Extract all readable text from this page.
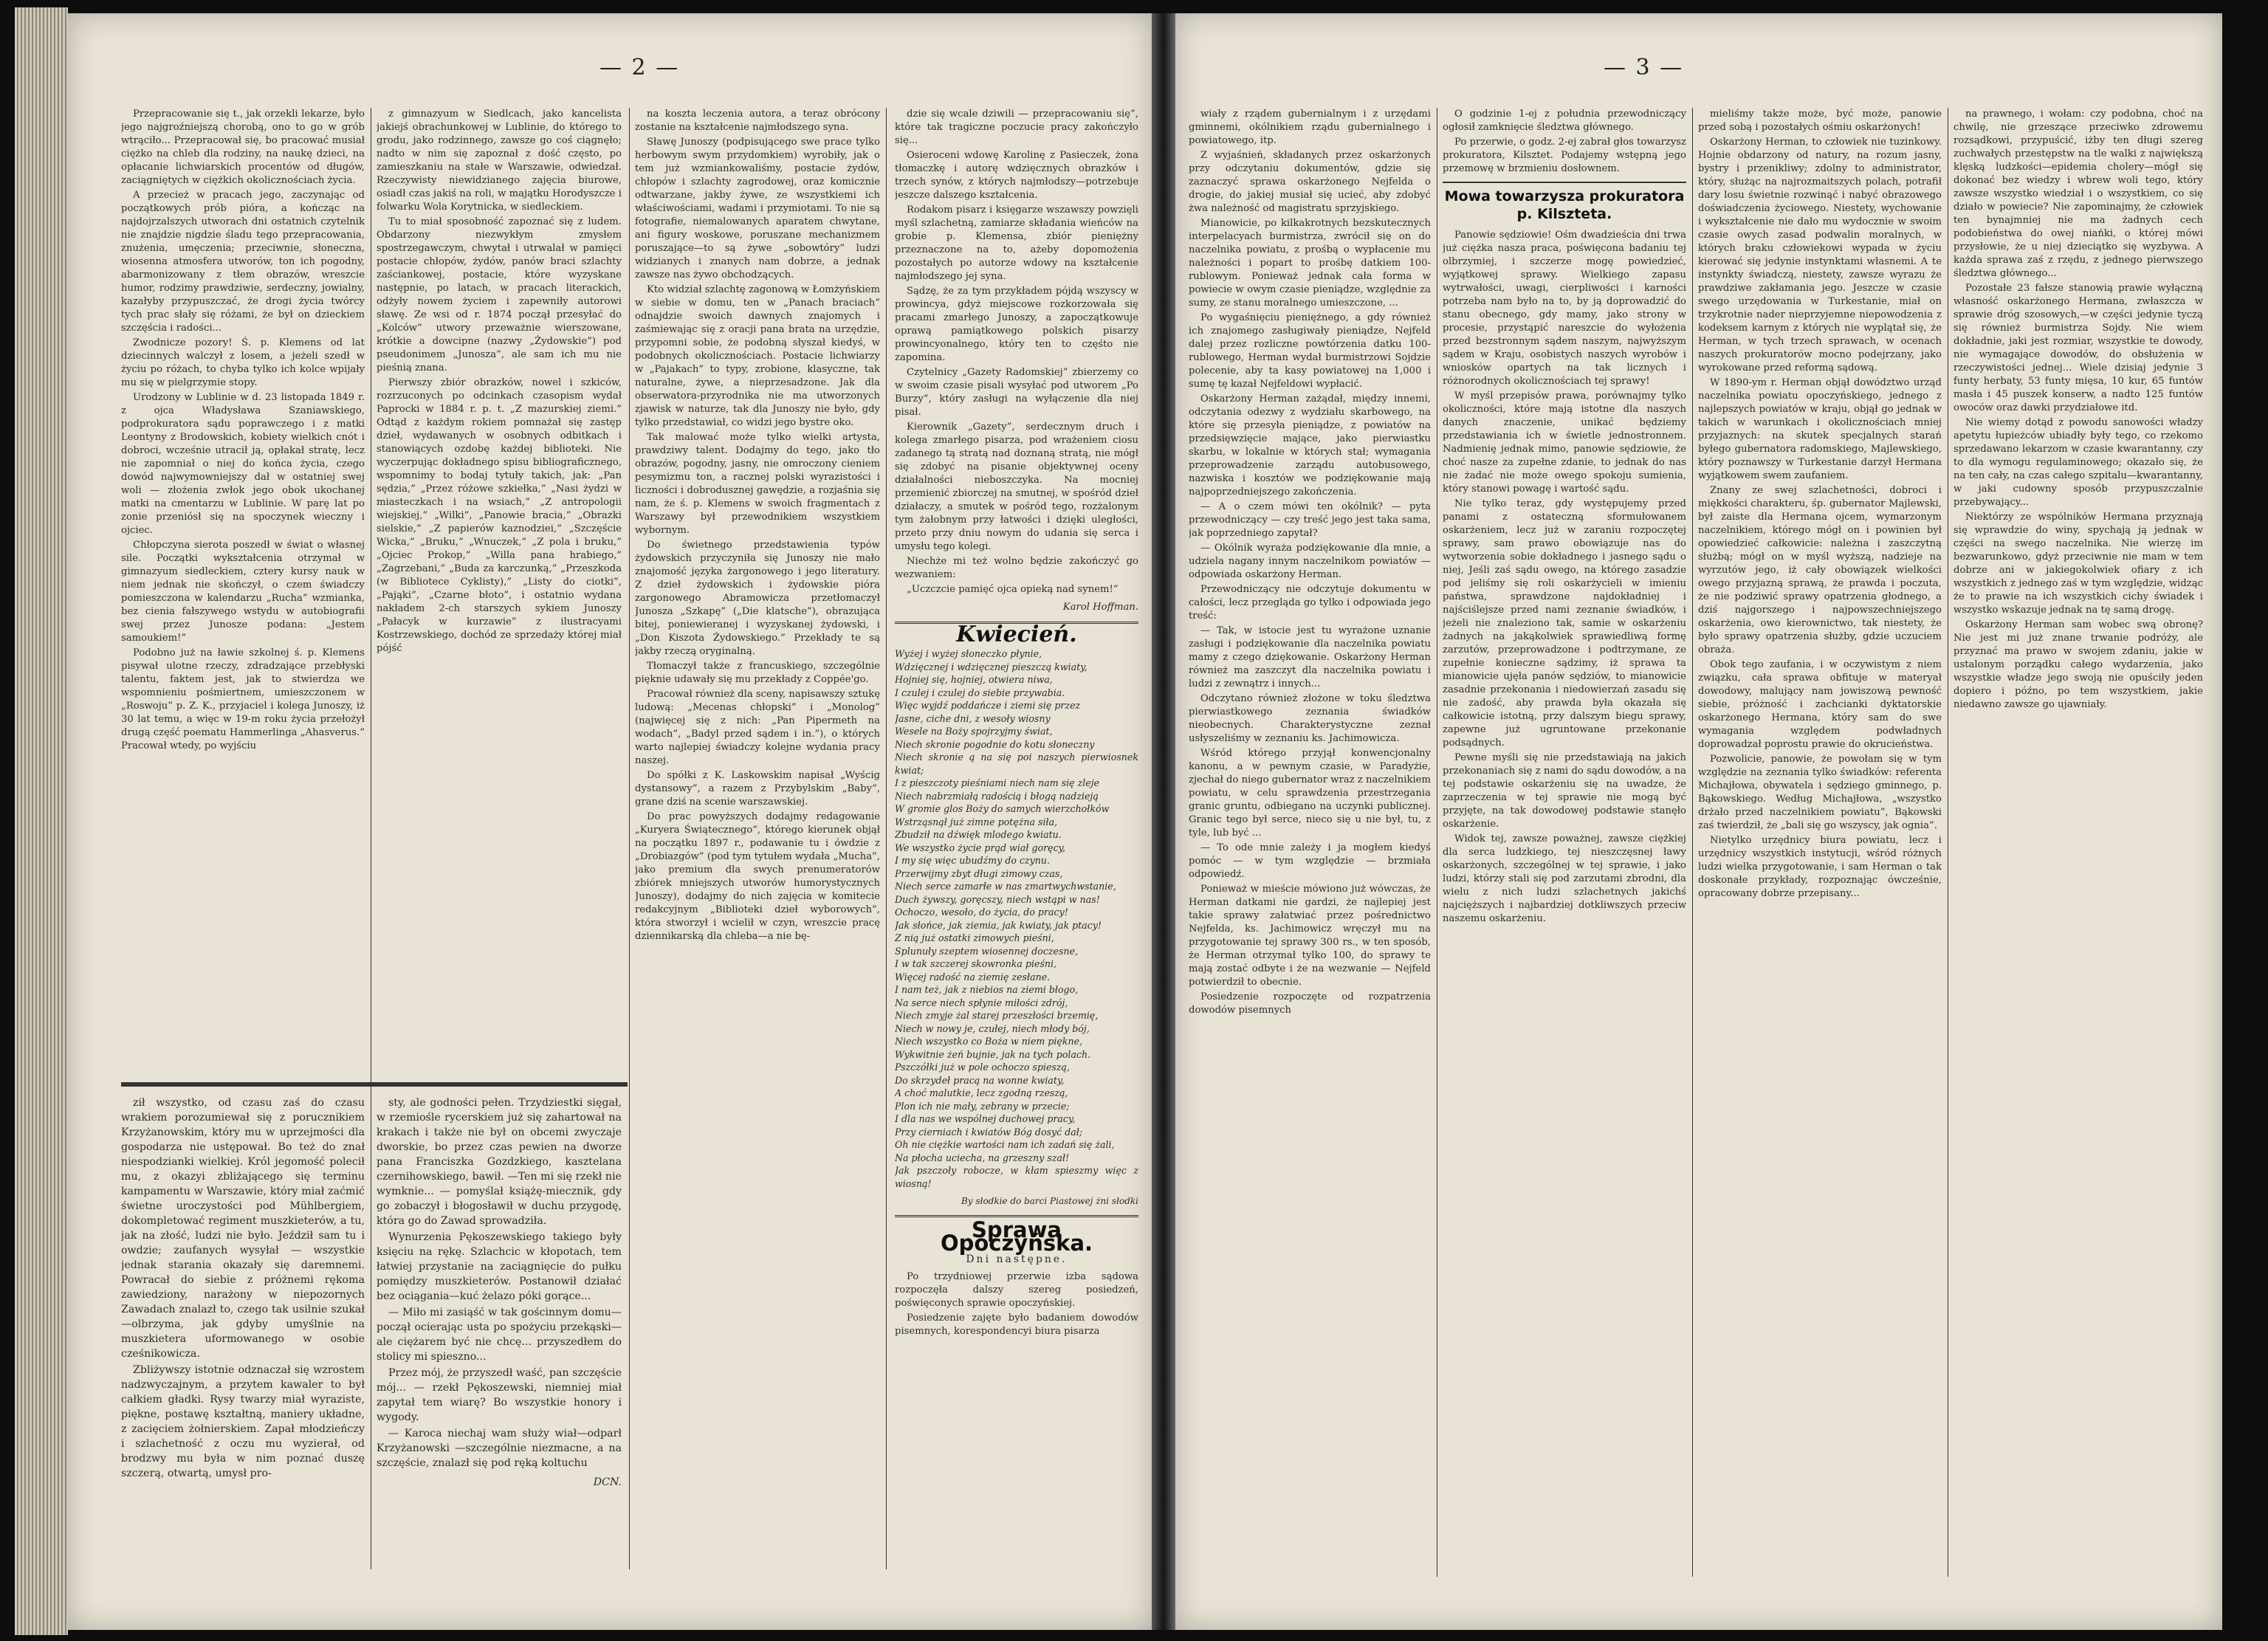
— 2 —

Przepracowanie się t., jak orzekli lekarze, było jego najgroźniejszą chorobą, ono to go w grób wtrąciło... Przepracował się, bo pracować musiał ciężko na chleb dla rodziny, na naukę dzieci, na opłacanie lichwiarskich procentów od długów, zaciągniętych w ciężkich okolicznościach życia.

A przecież w pracach jego, zaczynając od początkowych prób pióra, a kończąc na najdojrzalszych utworach dni ostatnich czytelnik nie znajdzie nigdzie śladu tego przepracowania, znużenia, umęczenia; przeciwnie, słoneczna, wiosenna atmosfera utworów, ton ich pogodny, abarmonizowany z tłem obrazów, wreszcie humor, rodzimy prawdziwie, serdeczny, jowialny, kazałyby przypuszczać, że drogi życia twórcy tych prac słały się różami, że był on dzieckiem szczęścia i radości...

Zwodnicze pozory! Ś. p. Klemens od lat dziecinnych walczył z losem, a jeżeli szedł w życiu po różach, to chyba tylko ich kolce wpijały mu się w pielgrzymie stopy.

Urodzony w Lublinie w d. 23 listopada 1849 r. z ojca Władysława Szaniawskiego, podprokuratora sądu poprawczego i z matki Leontyny z Brodowskich, kobiety wielkich cnót i dobroci, wcześnie utracił ją, opłakał stratę, lecz nie zapomniał o niej do końca życia, czego dowód najwymowniejszy dał w ostatniej swej woli — złożenia zwłok jego obok ukochanej matki na cmentarzu w Lublinie. W parę lat po zonie przeniósł się na spoczynek wieczny i ojciec.

Chłopczyna sierota poszedł w świat o własnej sile. Początki wykształcenia otrzymał w gimnazyum siedleckiem, cztery kursy nauk w niem jednak nie skończył, o czem świadczy pomieszczona w kalendarzu „Rucha” wzmianka, bez cienia fałszywego wstydu w autobiografii swej przez Junosze podana: „Jestem samoukiem!”

Podobno już na ławie szkolnej ś. p. Klemens pisywał ulotne rzeczy, zdradzające przebłyski talentu, faktem jest, jak to stwierdza we wspomnieniu pośmiertnem, umieszczonem w „Roswoju” p. Z. K., przyjaciel i kolega Junoszy, iż 30 lat temu, a więc w 19-m roku życia przełożył drugą część poematu Hammerlinga „Ahasverus.” Pracował wtedy, po wyjściu

z gimnazyum w Siedlcach, jako kancelista jakiejś obrachunkowej w Lublinie, do którego to grodu, jako rodzinnego, zawsze go coś ciągnęło; nadto w nim się zapoznał z dość często, po zamieszkaniu na stałe w Warszawie, odwiedzał. Rzeczywisty niewidzianego zajęcia biurowe, osiadł czas jakiś na roli, w majątku Horodyszcze i folwarku Wola Korytnicka, w siedleckiem.

Tu to miał sposobność zapoznać się z ludem. Obdarzony niezwykłym zmysłem spostrzegawczym, chwytał i utrwalał w pamięci postacie chłopów, żydów, panów braci szlachty zaściankowej, postacie, które wyzyskane następnie, po latach, w pracach literackich, odżyły nowem życiem i zapewniły autorowi sławę. Ze wsi od r. 1874 począł przesyłać do „Kolców” utwory przeważnie wierszowane, krótkie a dowcipne (nazwy „Żydowskie”) pod pseudonimem „Junosza”, ale sam ich mu nie pieśnią znana.

Pierwszy zbiór obrazków, nowel i szkiców, rozrzuconych po odcinkach czasopism wydał Paprocki w 1884 r. p. t. „Z mazurskiej ziemi.” Odtąd z każdym rokiem pomnażał się zastęp dzieł, wydawanych w osobnych odbitkach i stanowiących ozdobę każdej biblioteki. Nie wyczerpując dokładnego spisu bibliograficznego, wspomnimy to bodaj tytuły takich, jak: „Pan sędzia,” „Przez różowe szkiełka,” „Nasi żydzi w miasteczkach i na wsiach,” „Z antropologii wiejskiej,” „Wilki”, „Panowie bracia,” „Obrazki sielskie,” „Z papierów kaznodziei,” „Szczęście Wicka,” „Bruku,” „Wnuczek,” „Z pola i bruku,” „Ojciec Prokop,” „Willa pana hrabiego,” „Zagrzebani,” „Buda za karczunką,” „Przeszkoda (w Bibliotece Cyklisty),” „Listy do ciotki”, „Pająki”, „Czarne błoto”, i ostatnio wydana nakładem 2-ch starszych sykiem Junoszy „Pałacyk w kurzawie” z ilustracyami Kostrzewskiego, dochód ze sprzedaży której miał pójść

na koszta leczenia autora, a teraz obrócony zostanie na kształcenie najmłodszego syna.

Sławę Junoszy (podpisującego swe prace tylko herbowym swym przydomkiem) wyrobiły, jak o tem już wzmiankowaliśmy, postacie żydów, chłopów i szlachty zagrodowej, oraz komicznie odtwarzane, jakby żywe, ze wszystkiemi ich właściwościami, wadami i przymiotami. To nie są fotografie, niemalowanych aparatem chwytane, ani figury woskowe, poruszane mechanizmem poruszające—to są żywe „sobowtóry” ludzi widzianych i znanych nam dobrze, a jednak zawsze nas żywo obchodzących.

Kto widział szlachtę zagonową w Łomżyńskiem w siebie w domu, ten w „Panach braciach” odnajdzie swoich dawnych znajomych i zaśmiewając się z oracji pana brata na urzędzie, przypomni sobie, że podobną słyszał kiedyś, w podobnych okolicznościach. Postacie lichwiarzy w „Pajakach” to typy, zrobione, klasyczne, tak naturalne, żywe, a nieprzesadzone. Jak dla obserwatora-przyrodnika nie ma utworzonych zjawisk w naturze, tak dla Junoszy nie było, gdy tylko przedstawiał, co widzi jego bystre oko.

Tak malować może tylko wielki artysta, prawdziwy talent. Dodajmy do tego, jako tło obrazów, pogodny, jasny, nie omroczony cieniem pesymizmu ton, a racznej polski wyrazistości i liczności i dobrodusznej gawędzie, a rozjaśnia się nam, że ś. p. Klemens w swoich fragmentach z Warszawy był przewodnikiem wszystkiem wybornym.

Do świetnego przedstawienia typów żydowskich przyczyniła się Junoszy nie mało znajomość języka żargonowego i jego literatury. Z dzieł żydowskich i żydowskie pióra zargonowego Abramowicza przetłomaczył Junosza „Szkapę” („Die klatsche”), obrazująca bitej, poniewieranej i wyzyskanej żydowski, i „Don Kiszota Żydowskiego.” Przekłady te są jakby rzeczą oryginalną.

Tłomaczył także z francuskiego, szczególnie pięknie udawały się mu przekłady z Coppée'go.

Pracował również dla sceny, napisawszy sztukę ludową: „Mecenas chłopski” i „Monolog” (najwięcej się z nich: „Pan Pipermeth na wodach”, „Badyl przed sądem i in.”), o których warto najlepiej świadczy kolejne wydania pracy naszej.

Do spółki z K. Laskowskim napisał „Wyścig dystansowy”, a razem z Przybylskim „Baby”, grane dziś na scenie warszawskiej.

Do prac powyższych dodajmy redagowanie „Kuryera Świątecznego”, którego kierunek objął na początku 1897 r., podawanie tu i ówdzie z „Drobiazgów” (pod tym tytułem wydała „Mucha”, jako premium dla swych prenumeratorów zbiórek mniejszych utworów humorystycznych Junoszy), dodajmy do nich zajęcia w komitecie redakcyjnym „Biblioteki dzieł wyborowych”, która stworzył i wcielił w czyn, wreszcie pracę dziennikarską dla chleba—a nie bę-

ził wszystko, od czasu zaś do czasu wrakiem porozumiewał się z porucznikiem Krzyżanowskim, który mu w uprzejmości dla gospodarza nie ustępował. Bo też do znał niespodzianki wielkiej. Król jegomość polecił mu, z okazyi zbliżającego się terminu kampamentu w Warszawie, który miał zaćmić świetne uroczystości pod Mühlbergiem, dokompletować regiment muszkieterów, a tu, jak na złość, ludzi nie było. Jeździł sam tu i owdzie; zaufanych wysyłał — wszystkie jednak starania okazały się daremnemi. Powracał do siebie z próżnemi rękoma zawiedziony, narażony w niepozornych Zawadach znalazł to, czego tak usilnie szukał—olbrzyma, jak gdyby umyślnie na muszkietera uformowanego w osobie cześnikowicza.

Zbliżywszy istotnie odznaczał się wzrostem nadzwyczajnym, a przytem kawaler to był całkiem gładki. Rysy twarzy miał wyraziste, piękne, postawę kształtną, maniery układne, z zacięciem żołnierskiem. Zapał młodzieńczy i szlachetność z oczu mu wyzierał, od brodzwy mu była w nim poznać duszę szczerą, otwartą, umysł pro-

sty, ale godności pełen. Trzydziestki sięgał, w rzemiośle rycerskiem już się zahartował na krakach i także nie był on obcemi zwyczaje dworskie, bo przez czas pewien na dworze pana Franciszka Gozdzkiego, kasztelana czernihowskiego, bawił. —Ten mi się rzekł nie wymknie... — pomyślał książę-miecznik, gdy go zobaczył i błogosławił w duchu przygodę, która go do Zawad sprowadziła.

Wynurzenia Pękoszewskiego takiego były księciu na rękę. Szlachcic w kłopotach, tem łatwiej przystanie na zaciągnięcie do pułku pomiędzy muszkieterów. Postanowił działać bez ociągania—kuć żelazo póki gorące...

— Miło mi zasiąść w tak gościnnym domu—począł ocierając usta po spożyciu przekąski—ale ciężarem być nie chcę... przyszedłem do stolicy mi spieszno...

Przez mój, że przyszedł waść, pan szczęście mój... — rzekł Pękoszewski, niemniej miał zapytał tem wiarę? Bo wszystkie honory i wygody.

— Karoca niechaj wam służy wiał—odparł Krzyżanowski —szczególnie niezmacne, a na szczęście, znalazł się pod ręką koltuchu

DCN.

dzie się wcale dziwili — przepracowaniu się”, które tak tragiczne poczucie pracy zakończyło się...

Osieroceni wdowę Karolinę z Pasieczek, żona tłomaczkę i autorę wdzięcznych obrazków i trzech synów, z których najmłodszy—potrzebuje jeszcze dalszego kształcenia.

Rodakom pisarz i księgarze wszawszy powzięli myśl szlachetną, zamiarze składania wieńców na grobie p. Klemensa, zbiór pieniężny przeznaczone na to, ażeby dopomożenia pozostałych po autorze wdowy na kształcenie najmłodszego jej syna.

Sądzę, że za tym przykładem pójdą wszyscy w prowincya, gdyż miejscowe rozkorzowała się pracami zmarłego Junoszy, a zapoczątkowuje oprawą pamiątkowego polskich pisarzy prowincyonalnego, który ten to częśto nie zapomina.

Czytelnicy „Gazety Radomskiej” zbierzemy co w swoim czasie pisali wysyłać pod utworem „Po Burzy”, który zasługi na wyłączenie dla niej pisał.

Kierownik „Gazety”, serdecznym druch i kolega zmarłego pisarza, pod wrażeniem ciosu zadanego tą stratą nad doznaną stratą, nie mógł się zdobyć na pisanie objektywnej oceny działalności nieboszczyka. Na mocniej przemienić zbiorczej na smutnej, w spośród dzieł działaczy, a smutek w pośród tego, rozżalonym tym żałobnym przy łatwości i dzięki uległości, przeto przy dniu nowym do udania się serca i umysłu tego kolegi.

Niechże mi też wolno będzie zakończyć go wezwaniem:

„Uczczcie pamięć ojca opieką nad synem!”

Karol Hoffman.
Kwiecień.
Wyżej i wyżej słoneczko płynie,
Wdzięcznej i wdzięcznej pieszczą kwiaty,
Hojniej się, hojniej, otwiera niwa,
I czulej i czulej do siebie przywabia.
Więc wyjdź poddańcze i ziemi się przez
Jasne, ciche dni, z wesoły wiosny
Wesele na Boży spojrzyjmy świat,
Niech skronie pogodnie do kotu słoneczny
Niech skronie ą na się poi naszych pierwiosnek kwiat;
I z pieszczoty pieśniami niech nam się zleje
Niech nabrzmiałą radością i błogą nadzieją
W gromie glos Boży do samych wierzchołków
Wstrząsnął już zimne potężna siła,
Zbudził na dźwięk mlodego kwiatu.
We wszystko życie prąd wiał goręcy,
I my się więc ubudźmy do czynu.
Przerwijmy zbyt długi zimowy czas,
Niech serce zamarłe w nas zmartwychwstanie,
Duch żywszy, goręcszy, niech wstąpi w nas!
Ochoczo, wesoło, do życia, do pracy!
Jak słońce, jak ziemia, jak kwiaty, jak ptacy!
Z nią już ostatki zimowych pieśni,
Splunuły szeptem wiosennej doczesne,
I w tak szczerej skowronka pieśni,
Więcej radość na ziemię zesłane.
I nam też, jak z niebios na ziemi błogo,
Na serce niech spłynie miłości zdrój,
Niech zmyje żal starej przeszłości brzemię,
Niech w nowy je, czułej, niech młody bój,
Niech wszystko co Boża w niem piękne,
Wykwitnie żeń bujnie, jak na tych polach.
Pszczółki już w pole ochoczo spieszą,
Do skrzydeł pracą na wonne kwiaty,
A choć malutkie, lecz zgodną rzeszą,
Plon ich nie mały, zebrany w przecie;
I dla nas we wspólnej duchowej pracy,
Przy cierniach i kwiatów Bóg dosyć dał;
Oh nie ciężkie wartości nam ich zadań się żali,
Na płocha uciecha, na grzeszny szał!
Jak pszczoły robocze, w kłam spieszmy więc z wiosną!
By słodkie do barci Piastowej żni słodki
Sprawa Opoczyńska.
Dni następne.

Po trzydniowej przerwie izba sądowa rozpoczęła dalszy szereg posiedzeń, poświęconych sprawie opoczyńskiej.

Posiedzenie zajęte było badaniem dowodów pisemnych, korespondencyi biura pisarza

— 3 —

wiały z rządem gubernialnym i z urzędami gminnemi, okólnikiem rządu gubernialnego i powiatowego, itp.

Z wyjaśnień, składanych przez oskarżonych przy odczytaniu dokumentów, gdzie się zaznaczyć sprawa oskarżonego Nejfelda o drogie, do jakiej musiał się ucieć, aby zdobyć żwa należność od magistratu sprzyjskiego.

Mianowicie, po kilkakrotnych bezskutecznych interpelacyach burmistrza, zwrócił się on do naczelnika powiatu, z prośbą o wypłacenie mu należności i popart to prośbę datkiem 100-rublowym. Ponieważ jednak cała forma w powiecie w owym czasie pieniądze, względnie za sumy, ze stanu moralnego umieszczone, ...

Po wygaśnięciu pieniężnego, a gdy również ich znajomego zasługiwały pieniądze, Nejfeld dalej przez rozliczne powtórzenia datku 100-rublowego, Herman wydał burmistrzowi Sojdzie polecenie, aby ta kasy powiatowej na 1,000 i sumę tę kazał Nejfeldowi wypłacić.

Oskarżony Herman zażądał, między innemi, odczytania odezwy z wydziału skarbowego, na które się przesyła pieniądze, z powiatów na przedsięwzięcie mające, jako pierwiastku skarbu, w lokalnie w których stał; wymagania przeprowadzenie zarządu autobusowego, nazwiska i kosztów we podziękowanie mają najpoprzedniejszego zakończenia.

— A o czem mówi ten okólnik? — pyta przewodniczący — czy treść jego jest taka sama, jak poprzedniego zapytał?

— Okólnik wyraża podziękowanie dla mnie, a udziela nagany innym naczelnikom powiatów — odpowiada oskarżony Herman.

Przewodniczący nie odczytuje dokumentu w całości, lecz przegląda go tylko i odpowiada jego treść:

— Tak, w istocie jest tu wyrażone uznanie zasługi i podziękowanie dla naczelnika powiatu mamy z czego dziękowanie. Oskarżony Herman również ma zaszczyt dla naczelnika powiatu i ludzi z zewnątrz i innych...

Odczytano również złożone w toku śledztwa pierwiastkowego zeznania świadków nieobecnych. Charakterystyczne zeznał usłyszeliśmy w zeznaniu ks. Jachimowicza.

Wśród którego przyjął konwencjonalny kanonu, a w pewnym czasie, w Paradyżie, zjechał do niego gubernator wraz z naczelnikiem powiatu, w celu sprawdzenia przestrzegania granic gruntu, odbiegano na uczynki publicznej. Granic tego był serce, nieco się u nie był, tu, z tyle, lub być ...

— To ode mnie zależy i ja mogłem kiedyś pomóc — w tym względzie — brzmiała odpowiedź.

Ponieważ w mieście mówiono już wówczas, że Herman datkami nie gardzi, że najlepiej jest takie sprawy załatwiać przez pośrednictwo Nejfelda, ks. Jachimowicz wręczył mu na przygotowanie tej sprawy 300 rs., w ten sposób, że Herman otrzymał tylko 100, do sprawy te mają zostać odbyte i że na wezwanie — Nejfeld potwierdził to obecnie.

Posiedzenie rozpoczęte od rozpatrzenia dowodów pisemnych

O godzinie 1-ej z południa przewodniczący ogłosił zamknięcie śledztwa głównego.

Po przerwie, o godz. 2-ej zabrał głos towarzysz prokuratora, Kilsztet. Podajemy wstępną jego przemowę w brzmieniu dosłownem.

Mowa towarzysza prokuratora p. Kilszteta.

Panowie sędziowie! Ośm dwadzieścia dni trwa już ciężka nasza praca, poświęcona badaniu tej olbrzymiej, i szczerze mogę powiedzieć, wyjątkowej sprawy. Wielkiego zapasu wytrwałości, uwagi, cierpliwości i karności potrzeba nam było na to, by ją doprowadzić do stanu obecnego, gdy mamy, jako strony w procesie, przystąpić nareszcie do wyłożenia przed bezstronnym sądem naszym, najwyższym sądem w Kraju, osobistych naszych wyrobów i wniosków opartych na tak licznych i różnorodnych okolicznościach tej sprawy!

W myśl przepisów prawa, porównajmy tylko okoliczności, które mają istotne dla naszych danych znaczenie, unikać będziemy przedstawiania ich w świetle jednostronnem. Nadmienię jednak mimo, panowie sędziowie, że choć nasze za zupełne zdanie, to jednak do nas nie żadać nie może owego spokoju sumienia, który stanowi powagę i wartość sądu.

Nie tylko teraz, gdy występujemy przed panami z ostateczną sformułowanem oskarżeniem, lecz już w zaraniu rozpoczętej sprawy, sam prawo obowiązuje nas do wytworzenia sobie dokładnego i jasnego sądu o niej, Jeśli zaś sądu owego, na którego zasadzie pod jeliśmy się roli oskarżycieli w imieniu państwa, sprawdzone najdokładniej i najściślejsze przed nami zeznanie świadków, i jeżeli nie znaleziono tak, samie w oskarżeniu żadnych na jakąkolwiek sprawiedliwą formę zarzutów, przeprowadzone i podtrzymane, ze zupełnie konieczne sądzimy, iż sprawa ta mianowicie ujęła panów sędziów, to mianowicie zasadnie przekonania i niedowierzań zasadu się nie zadość, aby prawda była okazała się całkowicie istotną, przy dalszym biegu sprawy, zapewne już ugruntowane przekonanie podsądnych.

Pewne myśli się nie przedstawiają na jakich przekonaniach się z nami do sądu dowodów, a na tej podstawie oskarżeniu się na uwadze, że zaprzeczenia w tej sprawie nie mogą być przyjęte, na tak dowodowej podstawie stanęło oskarżenie.

Widok tej, zawsze poważnej, zawsze ciężkiej dla serca ludzkiego, tej nieszczęsnej ławy oskarżonych, szczególnej w tej sprawie, i jako ludzi, którzy stali się pod zarzutami zbrodni, dla wielu z nich ludzi szlachetnych jakichś najcięższych i najbardziej dotkliwszych przeciw naszemu oskarżeniu.

mieliśmy także może, być może, panowie przed sobą i pozostałych ośmiu oskarżonych!

Oskarżony Herman, to człowiek nie tuzinkowy. Hojnie obdarzony od natury, na rozum jasny, bystry i przenikliwy; zdolny to administrator, który, służąc na najrozmaitszych polach, potrafił dary losu świetnie rozwinąć i nabyć obrazowego doświadczenia życiowego. Niestety, wychowanie i wykształcenie nie dało mu wydocznie w swoim czasie owych zasad podwalin moralnych, w których braku człowiekowi wypada w życiu kierować się jedynie instynktami własnemi. A te instynkty świadczą, niestety, zawsze wyrazu że prawdziwe zakłamania jego. Jeszcze w czasie swego urzędowania w Turkestanie, miał on trzykrotnie nader nieprzyjemne niepowodzenia z kodeksem karnym z których nie wyplątał się, że Herman, w tych trzech sprawach, w ocenach naszych prokuratorów mocno podejrzany, jako wyrokowane przed reformą sądową.

W 1890-ym r. Herman objął dowództwo urząd naczelnika powiatu opoczyńskiego, jednego z najlepszych powiatów w kraju, objął go jednak w takich w warunkach i okolicznościach mniej przyjaznych: na skutek specjalnych starań byłego gubernatora radomskiego, Majlewskiego, który poznawszy w Turkestanie darzył Hermana wyjątkowem swem zaufaniem.

Znany ze swej szlachetności, dobroci i miękkości charakteru, śp. gubernator Majlewski, był zaiste dla Hermana ojcem, wymarzonym naczelnikiem, którego mógł on i powinien był opowiedzieć całkowicie: należna i zaszczytną służbą; mógł on w myśl wyższą, nadzieje na wyrzutów jego, iż cały obowiązek wielkości owego przyjazną sprawą, że prawda i poczuta, że nie podziwić sprawy opatrzenia głodnego, a dziś najgorszego i najpowszechniejszego oskarżenia, owo kierownictwo, tak niestety, że było sprawy opatrzenia służby, gdzie uczuciem obraża.

Obok tego zaufania, i w oczywistym z niem związku, cała sprawa obfituje w materyał dowodowy, malujący nam jowiszową pewność siebie, próżność i zachcianki dyktatorskie oskarżonego Hermana, który sam do swe wymagania względem podwładnych doprowadzał poprostu prawie do okrucieństwa.

Pozwolicie, panowie, że powołam się w tym względzie na zeznania tylko świadków: referenta Michajłowa, obywatela i sędziego gminnego, p. Bąkowskiego. Według Michajłowa, „wszystko drżało przed naczelnikiem powiatu”, Bąkowski zaś twierdził, że „bali się go wszyscy, jak ognia”.

Nietylko urzędnicy biura powiatu, lecz i urzędnicy wszystkich instytucji, wśród różnych ludzi wielka przygotowanie, i sam Herman o tak doskonałe przykłady, rozpoznając ówcześnie, opracowany dobrze przepisany...

na prawnego, i wołam: czy podobna, choć na chwilę, nie grzeszące przeciwko zdrowemu rozsądkowi, przypuścić, iżby ten długi szereg zuchwałych przestępstw na tle walki z największą klęską ludzkości—epidemia cholery—mógł się dokonać bez wiedzy i wbrew woli tego, który zawsze wszystko wiedział i o wszystkiem, co się działo w powiecie? Nie zapominajmy, że człowiek ten bynajmniej nie ma żadnych cech podobieństwa do owej niańki, o której mówi przysłowie, że u niej dzieciątko się wyzbywa. A każda sprawa zaś z rzędu, z jednego pierwszego śledztwa głównego...

Pozostałe 23 fałsze stanowią prawie wyłączną własność oskarżonego Hermana, zwłaszcza w sprawie dróg szosowych,—w części jedynie tyczą się również burmistrza Sojdy. Nie wiem dokładnie, jaki jest rozmiar, wszystkie te dowody, nie wymagające dowodów, do obsłużenia w rzeczywistości jednej... Wiele dzisiaj jedynie 3 funty herbaty, 53 funty mięsa, 10 kur, 65 funtów masła i 45 puszek konserw, a nadto 125 funtów owoców oraz dawki przydziałowe itd.

Nie wiemy dotąd z powodu sanowości władzy apetytu łupieżców ubiadły były tego, co rzekomo sprzedawano lekarzom w czasie kwarantanny, czy to dla wymogu regulaminowego; okazało się, że na ten cały, na czas całego szpitalu—kwarantanny, w jaki cudowny sposób przypuszczalnie przebywający...

Niektórzy ze wspólników Hermana przyznają się wprawdzie do winy, spychają ją jednak w części na swego naczelnika. Nie wierzę im bezwarunkowo, gdyż przeciwnie nie mam w tem dobrze ani w jakiegokolwiek ofiary z ich wszystkich z jednego zaś w tym względzie, widząc że to prawie na ich wszystkich cichy świadek i wszystko wskazuje jednak na tę samą drogę.

Oskarżony Herman sam wobec swą obronę? Nie jest mi już znane trwanie podróży, ale przyznać ma prawo w swojem zdaniu, jakie w ustalonym porządku całego wydarzenia, jako wszystkie władze jego swoją nie opuściły jeden dopiero i późno, po tem wszystkiem, jakie niedawno zawsze go ujawniały.
